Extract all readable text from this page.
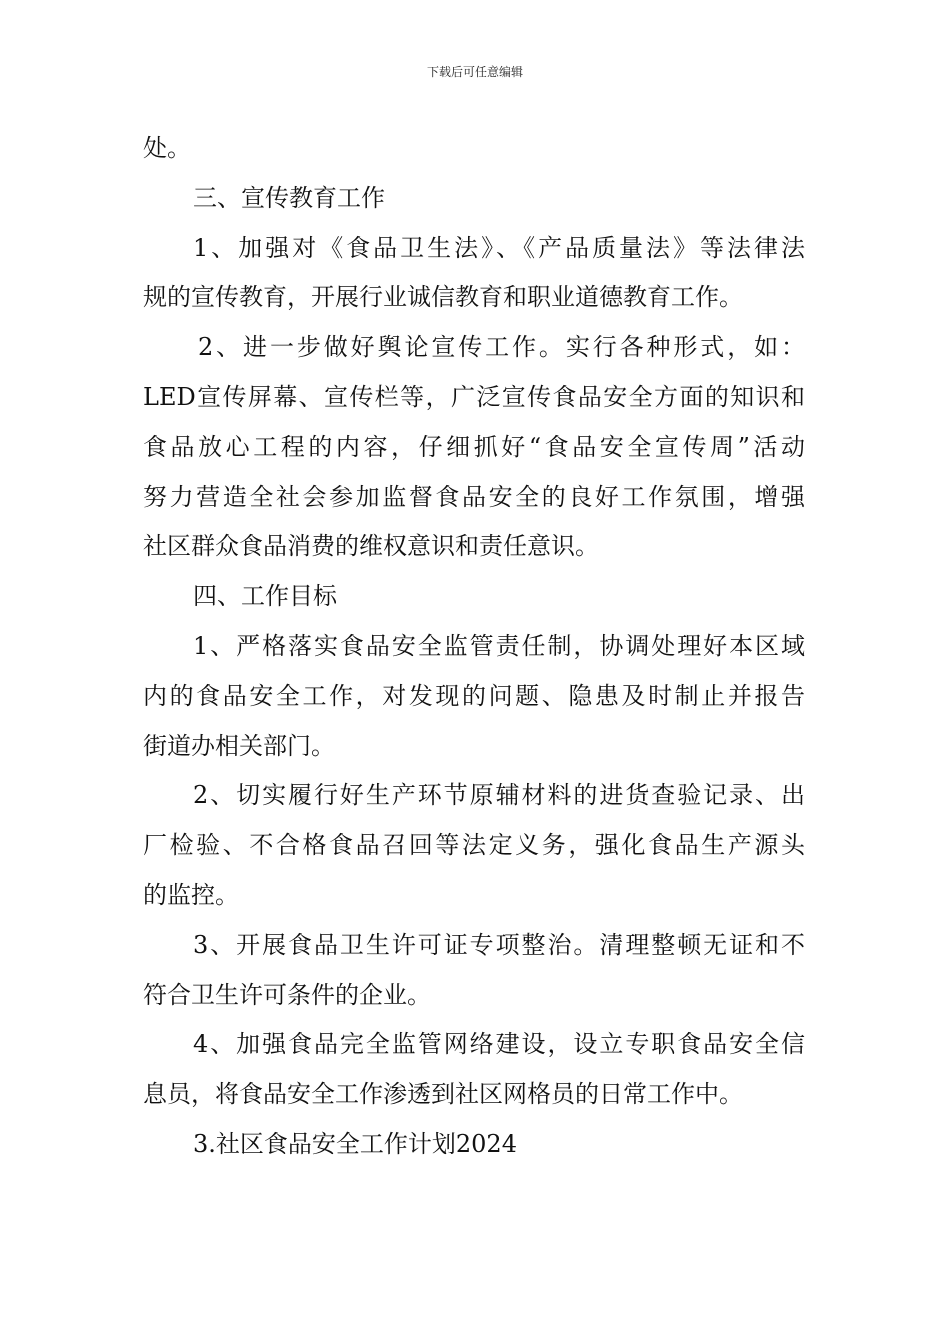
下载后可任意编辑
处。
三、宣传教育工作
1、加强对《食品卫生法》、《产品质量法》等法律法
规的宣传教育，开展行业诚信教育和职业道德教育工作。
2、进一步做好舆论宣传工作。实行各种形式，如：
LED宣传屏幕、宣传栏等，广泛宣传食品安全方面的知识和
食品放心工程的内容，仔细抓好“食品安全宣传周”活动
努力营造全社会参加监督食品安全的良好工作氛围，增强
社区群众食品消费的维权意识和责任意识。
四、工作目标
1、严格落实食品安全监管责任制，协调处理好本区域
内的食品安全工作，对发现的问题、隐患及时制止并报告
街道办相关部门。
2、切实履行好生产环节原辅材料的进货查验记录、出
厂检验、不合格食品召回等法定义务，强化食品生产源头
的监控。
3、开展食品卫生许可证专项整治。清理整顿无证和不
符合卫生许可条件的企业。
4、加强食品完全监管网络建设，设立专职食品安全信
息员，将食品安全工作渗透到社区网格员的日常工作中。
3.社区食品安全工作计划2024
